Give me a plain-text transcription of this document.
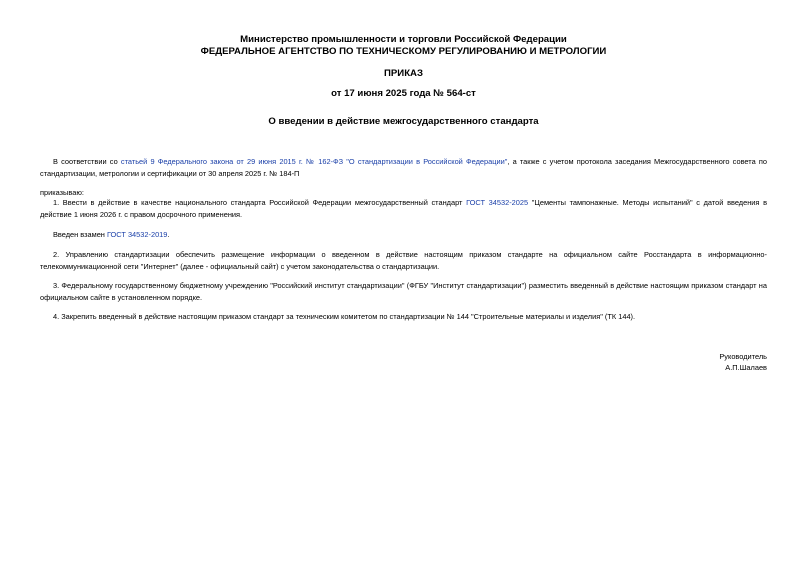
Министерство промышленности и торговли Российской Федерации
ФЕДЕРАЛЬНОЕ АГЕНТСТВО ПО ТЕХНИЧЕСКОМУ РЕГУЛИРОВАНИЮ И МЕТРОЛОГИИ
ПРИКАЗ
от 17 июня 2025 года № 564-ст
О введении в действие межгосударственного стандарта
В соответствии со статьей 9 Федерального закона от 29 июня 2015 г. № 162-ФЗ "О стандартизации в Российской Федерации", а также с учетом протокола заседания Межгосударственного совета по стандартизации, метрологии и сертификации от 30 апреля 2025 г. № 184-П
приказываю:
1. Ввести в действие в качестве национального стандарта Российской Федерации межгосударственный стандарт ГОСТ 34532-2025 "Цементы тампонажные. Методы испытаний" с датой введения в действие 1 июня 2026 г. с правом досрочного применения.
Введен взамен ГОСТ 34532-2019.
2. Управлению стандартизации обеспечить размещение информации о введенном в действие настоящим приказом стандарте на официальном сайте Росстандарта в информационно-телекоммуникационной сети "Интернет" (далее - официальный сайт) с учетом законодательства о стандартизации.
3. Федеральному государственному бюджетному учреждению "Российский институт стандартизации" (ФГБУ "Институт стандартизации") разместить введенный в действие настоящим приказом стандарт на официальном сайте в установленном порядке.
4. Закрепить введенный в действие настоящим приказом стандарт за техническим комитетом по стандартизации № 144 "Строительные материалы и изделия" (ТК 144).
Руководитель
А.П.Шалаев
